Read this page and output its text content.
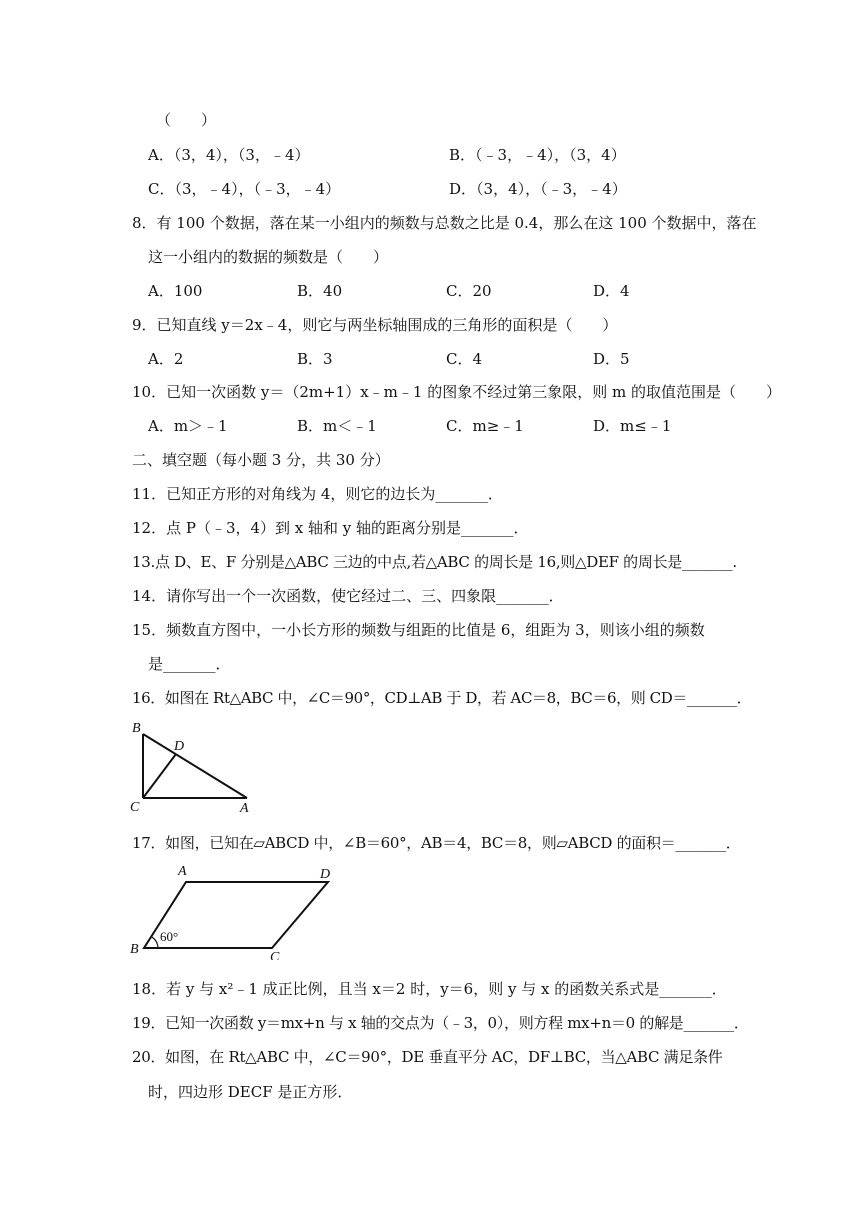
（　　）
A．（3，4），（3，﹣4）	B．（﹣3，﹣4），（3，4）
C．（3，﹣4），（﹣3，﹣4）	D．（3，4），（﹣3，﹣4）
8．有 100 个数据，落在某一小组内的频数与总数之比是 0.4，那么在这 100 个数据中，落在
这一小组内的数据的频数是（　　）
A．100	B．40	C．20	D．4
9．已知直线 y＝2x﹣4，则它与两坐标轴围成的三角形的面积是（　　）
A．2	B．3	C．4	D．5
10．已知一次函数 y＝（2m+1）x﹣m﹣1 的图象不经过第三象限，则 m 的取值范围是（　　）
A．m＞﹣1	B．m＜﹣1	C．m≥﹣1	D．m≤﹣1
二、填空题（每小题 3 分，共 30 分）
11．已知正方形的对角线为 4，则它的边长为_______．
12．点 P（﹣3，4）到 x 轴和 y 轴的距离分别是_______．
13.点 D、E、F 分别是△ABC 三边的中点,若△ABC 的周长是 16,则△DEF 的周长是_______.
14．请你写出一个一次函数，使它经过二、三、四象限_______．
15．频数直方图中，一小长方形的频数与组距的比值是 6，组距为 3，则该小组的频数
是_______．
16．如图在 Rt△ABC 中，∠C＝90°，CD⊥AB 于 D，若 AC＝8，BC＝6，则 CD＝_______．
B
D
C	A
17．如图，已知在▱ABCD 中，∠B＝60°，AB＝4，BC＝8，则▱ABCD 的面积＝_______．
A	D
B
C
60°
18．若 y 与 x²﹣1 成正比例，且当 x＝2 时，y＝6，则 y 与 x 的函数关系式是_______．
19．已知一次函数 y＝mx+n 与 x 轴的交点为（﹣3，0），则方程 mx+n＝0 的解是_______．
20．如图，在 Rt△ABC 中，∠C＝90°，DE 垂直平分 AC，DF⊥BC，当△ABC 满足条件
时，四边形 DECF 是正方形．
